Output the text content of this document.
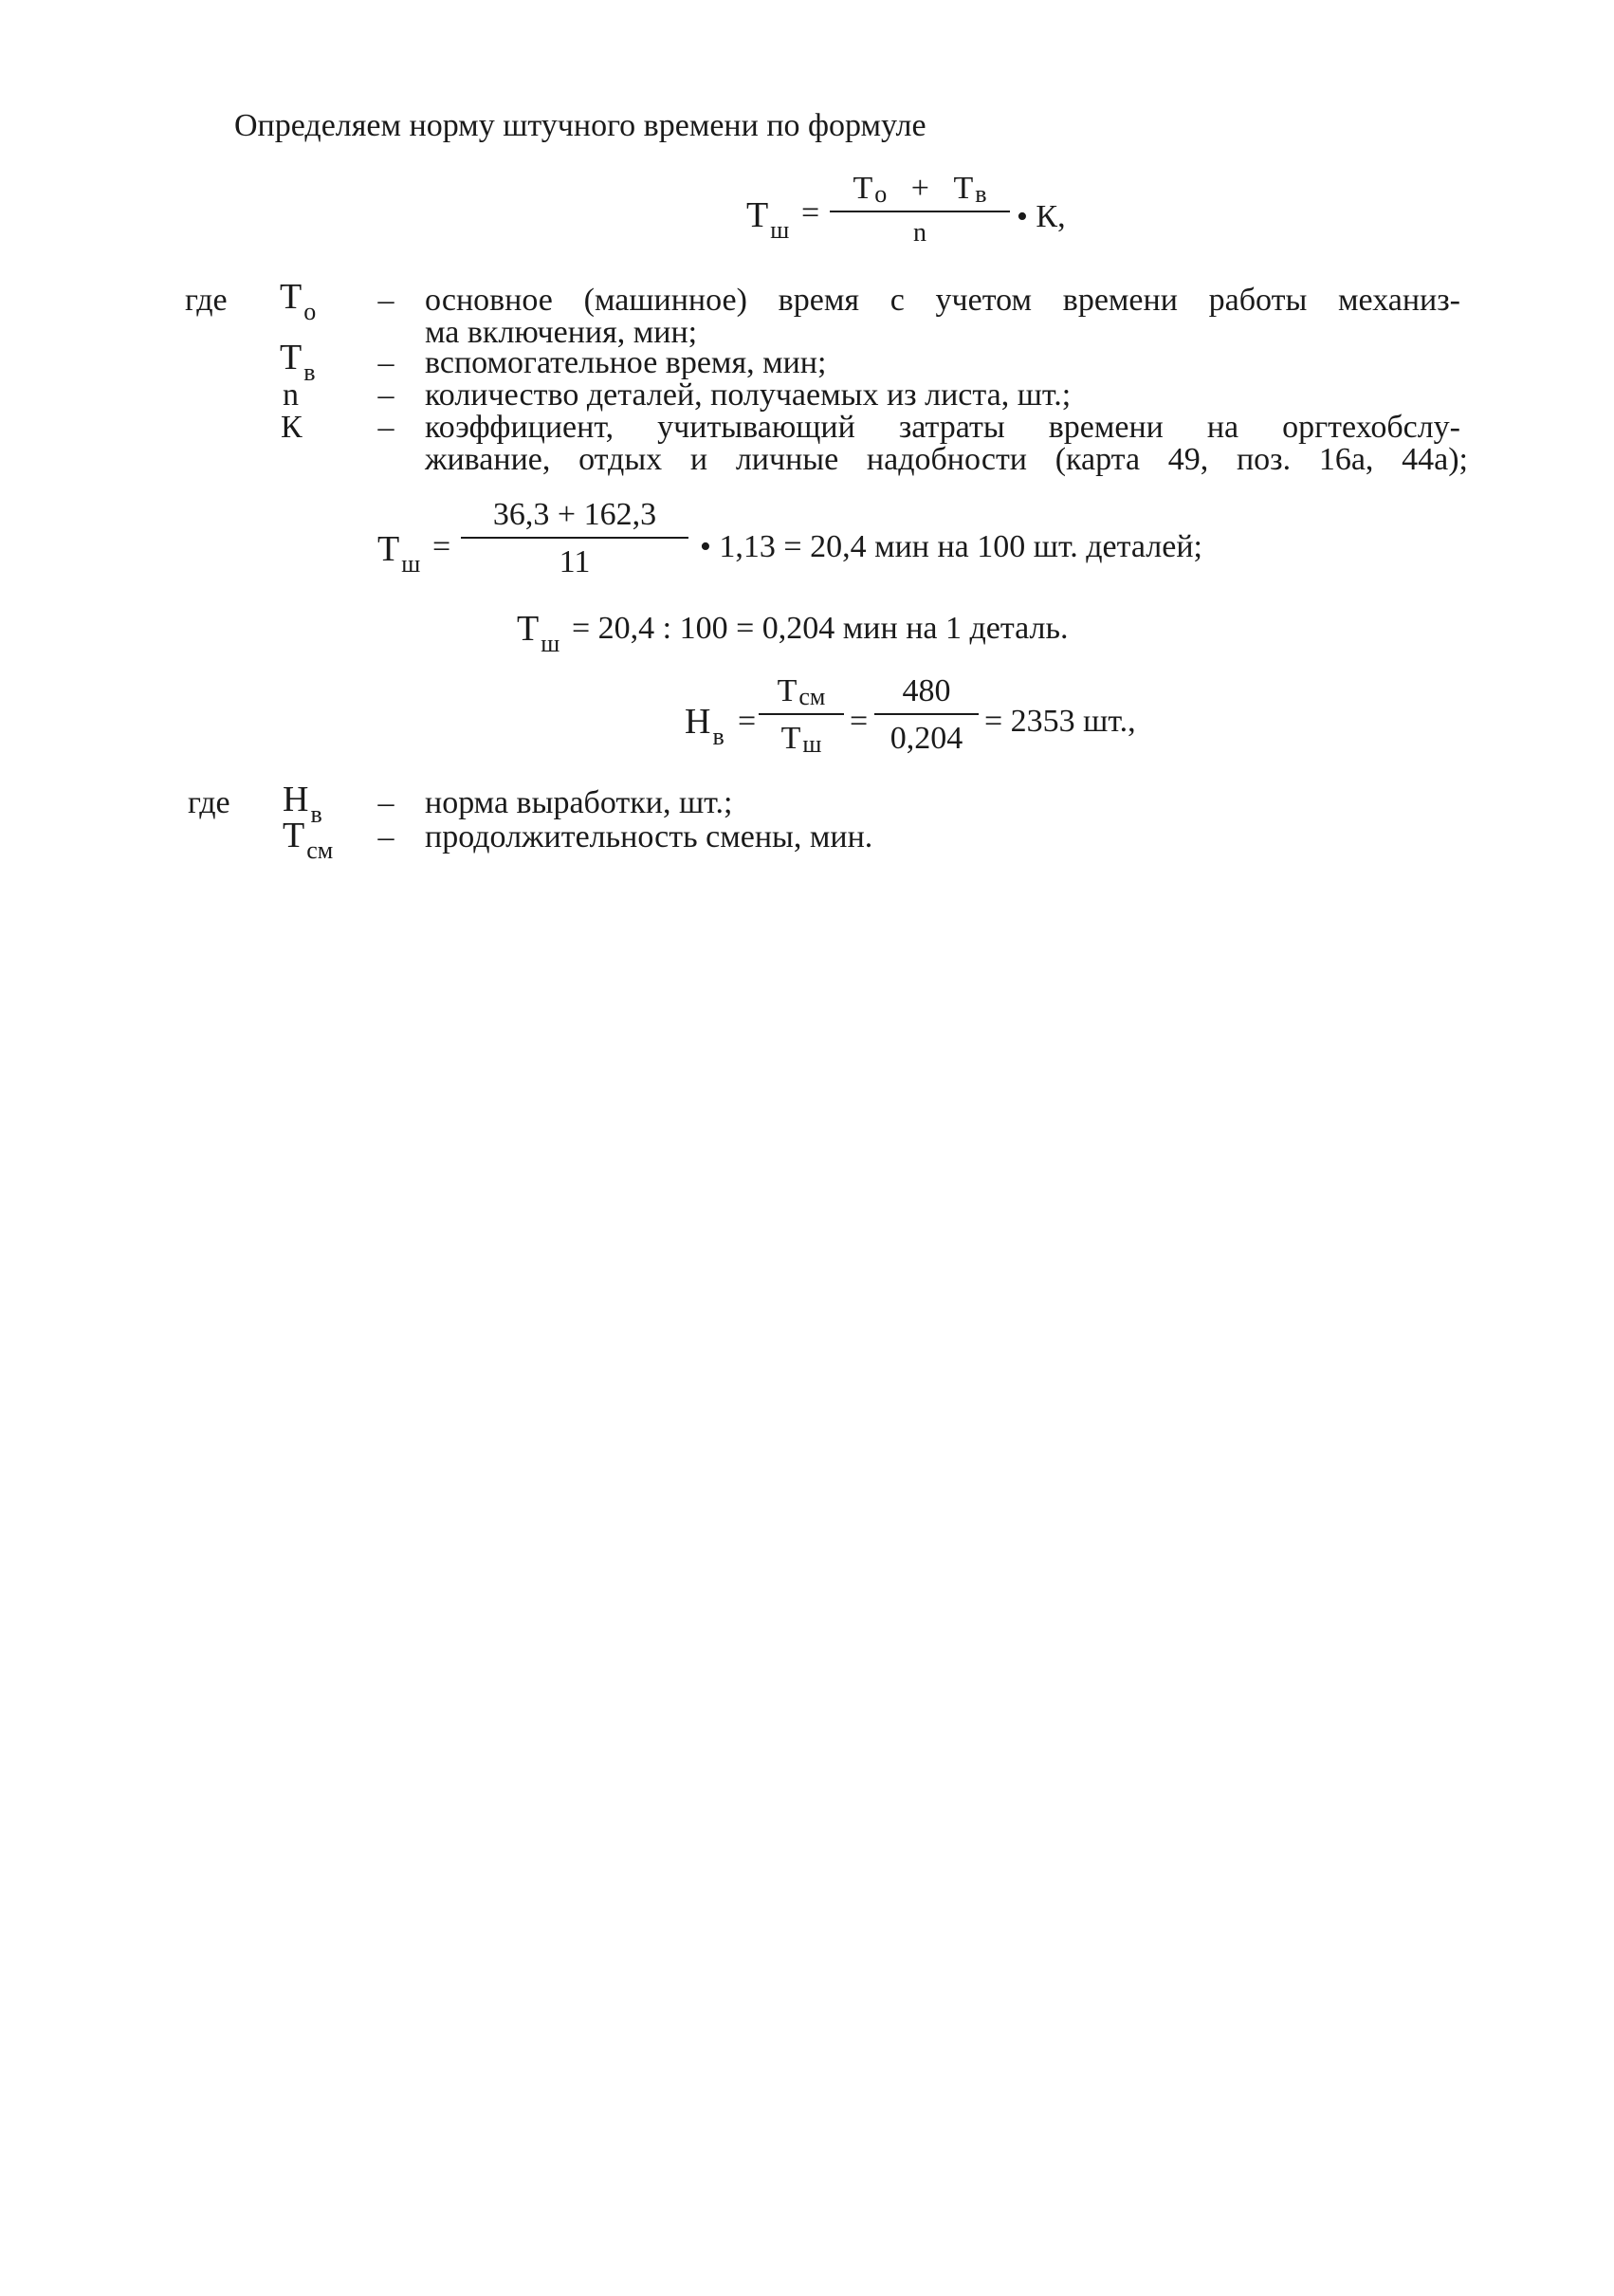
Определяем норму штучного времени по формуле
$Т_ш$ =
То + Тв
n	• К,
где $Т_о$ – основное (машинное) время с учетом времени работы механиз-
ма включения, мин;
$Т_в$ – вспомогательное время, мин;
n – количество деталей, получаемых из листа, шт.;
К – коэффициент, учитывающий затраты времени на оргтехобслу-
живание, отдых и личные надобности (карта 49, поз. 16а, 44а);
$Т_ш$ =
36,3 + 162,3
11	• 1,13 = 20,4 мин на 100 шт. деталей;
$Т_ш = 20,4$ : 100 = 0,204 мин на 1 деталь.
$Н_в$ =
Тсм
Тш
=
480
0,204 = 2353 шт.,
где $Н_в$ – норма выработки, шт.;
$Т_{см}$ – продолжительность смены, мин.
